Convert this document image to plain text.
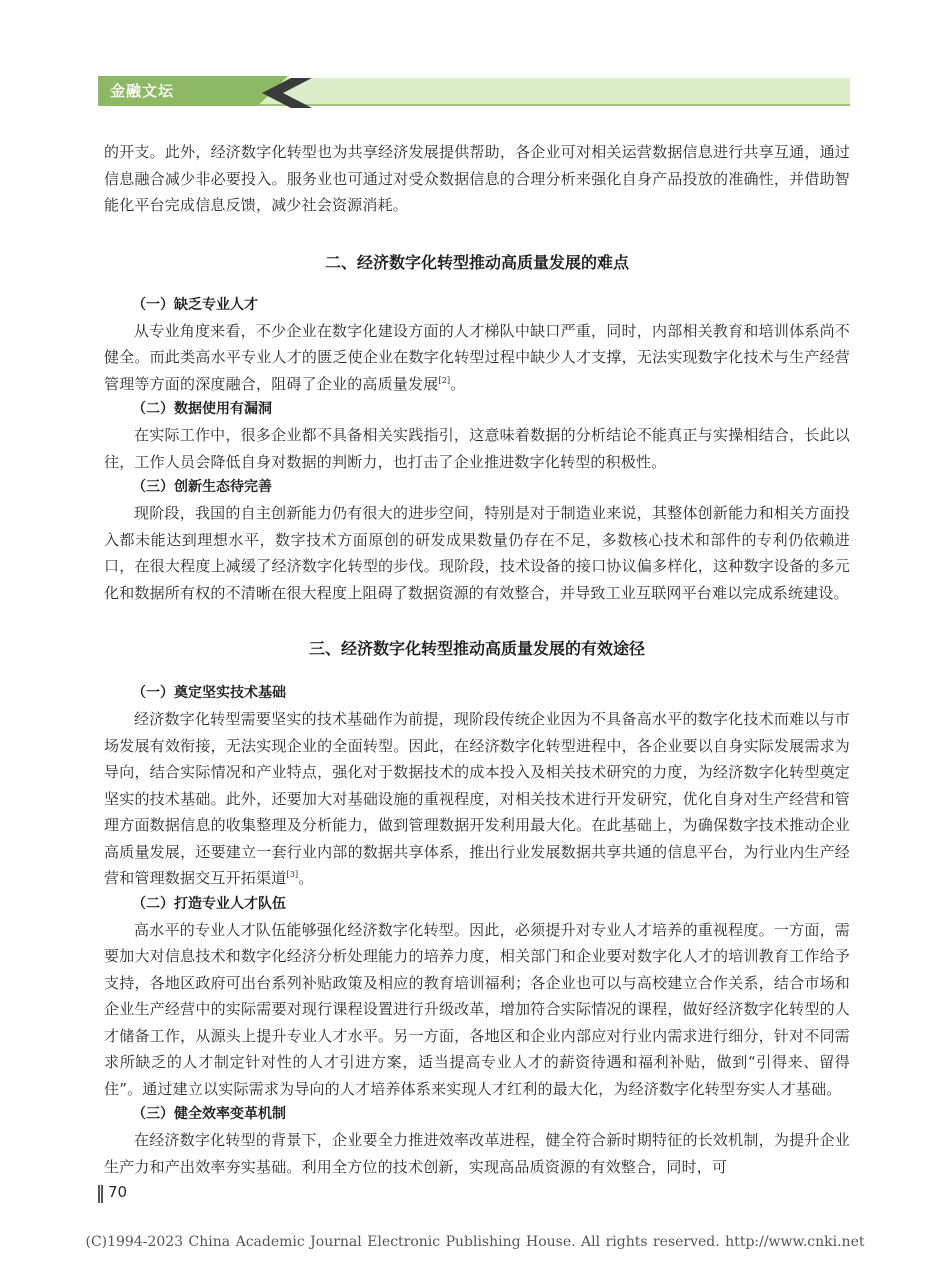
金融文坛

的开支。此外，经济数字化转型也为共享经济发展提供帮助，各企业可对相关运营数据信息进行共享互通，通过信息融合减少非必要投入。服务业也可通过对受众数据信息的合理分析来强化自身产品投放的准确性，并借助智能化平台完成信息反馈，减少社会资源消耗。

二、经济数字化转型推动高质量发展的难点
（一）缺乏专业人才

从专业角度来看，不少企业在数字化建设方面的人才梯队中缺口严重，同时，内部相关教育和培训体系尚不健全。而此类高水平专业人才的匮乏使企业在数字化转型过程中缺少人才支撑，无法实现数字化技术与生产经营管理等方面的深度融合，阻碍了企业的高质量发展[2]。

（二）数据使用有漏洞

在实际工作中，很多企业都不具备相关实践指引，这意味着数据的分析结论不能真正与实操相结合，长此以往，工作人员会降低自身对数据的判断力，也打击了企业推进数字化转型的积极性。

（三）创新生态待完善

现阶段，我国的自主创新能力仍有很大的进步空间，特别是对于制造业来说，其整体创新能力和相关方面投入都未能达到理想水平，数字技术方面原创的研发成果数量仍存在不足，多数核心技术和部件的专利仍依赖进口，在很大程度上减缓了经济数字化转型的步伐。现阶段，技术设备的接口协议偏多样化，这种数字设备的多元化和数据所有权的不清晰在很大程度上阻碍了数据资源的有效整合，并导致工业互联网平台难以完成系统建设。

三、经济数字化转型推动高质量发展的有效途径
（一）奠定坚实技术基础

经济数字化转型需要坚实的技术基础作为前提，现阶段传统企业因为不具备高水平的数字化技术而难以与市场发展有效衔接，无法实现企业的全面转型。因此，在经济数字化转型进程中，各企业要以自身实际发展需求为导向，结合实际情况和产业特点，强化对于数据技术的成本投入及相关技术研究的力度，为经济数字化转型奠定坚实的技术基础。此外，还要加大对基础设施的重视程度，对相关技术进行开发研究，优化自身对生产经营和管理方面数据信息的收集整理及分析能力，做到管理数据开发利用最大化。在此基础上，为确保数字技术推动企业高质量发展，还要建立一套行业内部的数据共享体系，推出行业发展数据共享共通的信息平台，为行业内生产经营和管理数据交互开拓渠道[3]。

（二）打造专业人才队伍

高水平的专业人才队伍能够强化经济数字化转型。因此，必须提升对专业人才培养的重视程度。一方面，需要加大对信息技术和数字化经济分析处理能力的培养力度，相关部门和企业要对数字化人才的培训教育工作给予支持，各地区政府可出台系列补贴政策及相应的教育培训福利；各企业也可以与高校建立合作关系，结合市场和企业生产经营中的实际需要对现行课程设置进行升级改革，增加符合实际情况的课程，做好经济数字化转型的人才储备工作，从源头上提升专业人才水平。另一方面，各地区和企业内部应对行业内需求进行细分，针对不同需求所缺乏的人才制定针对性的人才引进方案，适当提高专业人才的薪资待遇和福利补贴，做到“引得来、留得住”。通过建立以实际需求为导向的人才培养体系来实现人才红利的最大化，为经济数字化转型夯实人才基础。

（三）健全效率变革机制

在经济数字化转型的背景下，企业要全力推进效率改革进程，健全符合新时期特征的长效机制，为提升企业生产力和产出效率夯实基础。利用全方位的技术创新，实现高品质资源的有效整合，同时，可

70
(C)1994-2023 China Academic Journal Electronic Publishing House. All rights reserved. http://www.cnki.net
